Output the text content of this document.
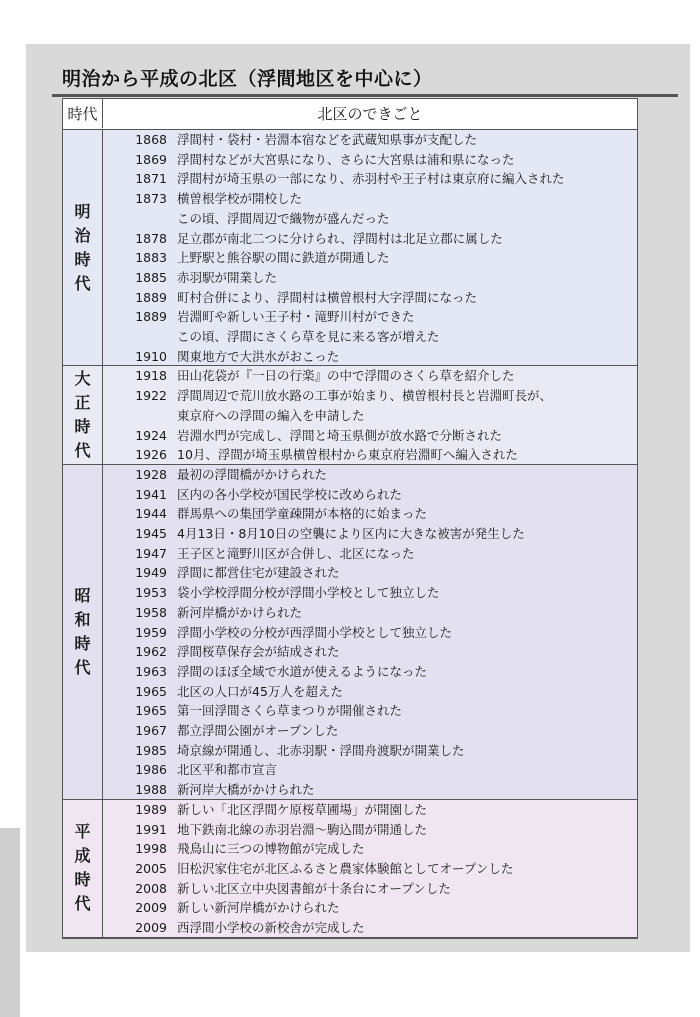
明治から平成の北区（浮間地区を中心に）
時代	北区のできごと
明治時代
大正時代
昭和時代
平成時代
1868 浮間村・袋村・岩淵本宿などを武蔵知県事が支配した
1869 浮間村などが大宮県になり、さらに大宮県は浦和県になった
1871 浮間村が埼玉県の一部になり、赤羽村や王子村は東京府に編入された
1873 横曽根学校が開校した
この頃、浮間周辺で織物が盛んだった
1878 足立郡が南北二つに分けられ、浮間村は北足立郡に属した
1883 上野駅と熊谷駅の間に鉄道が開通した
1885 赤羽駅が開業した
1889 町村合併により、浮間村は横曽根村大字浮間になった
1889 岩淵町や新しい王子村・滝野川村ができた
この頃、浮間にさくら草を見に来る客が増えた
1910 関東地方で大洪水がおこった
1918 田山花袋が『一日の行楽』の中で浮間のさくら草を紹介した
1922 浮間周辺で荒川放水路の工事が始まり、横曽根村長と岩淵町長が、
東京府への浮間の編入を申請した
1924 岩淵水門が完成し、浮間と埼玉県側が放水路で分断された
1926 10月、浮間が埼玉県横曽根村から東京府岩淵町へ編入された
1928 最初の浮間橋がかけられた
1941 区内の各小学校が国民学校に改められた
1944 群馬県への集団学童疎開が本格的に始まった
1945 4月13日・8月10日の空襲により区内に大きな被害が発生した
1947 王子区と滝野川区が合併し、北区になった
1949 浮間に都営住宅が建設された
1953 袋小学校浮間分校が浮間小学校として独立した
1958 新河岸橋がかけられた
1959 浮間小学校の分校が西浮間小学校として独立した
1962 浮間桜草保存会が結成された
1963 浮間のほぼ全域で水道が使えるようになった
1965 北区の人口が45万人を超えた
1965 第一回浮間さくら草まつりが開催された
1967 都立浮間公園がオープンした
1985 埼京線が開通し、北赤羽駅・浮間舟渡駅が開業した
1986 北区平和都市宣言
1988 新河岸大橋がかけられた
1989 新しい「北区浮間ケ原桜草圃場」が開園した
1991 地下鉄南北線の赤羽岩淵～駒込間が開通した
1998 飛鳥山に三つの博物館が完成した
2005 旧松沢家住宅が北区ふるさと農家体験館としてオープンした
2008 新しい北区立中央図書館が十条台にオープンした
2009 新しい新河岸橋がかけられた
2009 西浮間小学校の新校舎が完成した
